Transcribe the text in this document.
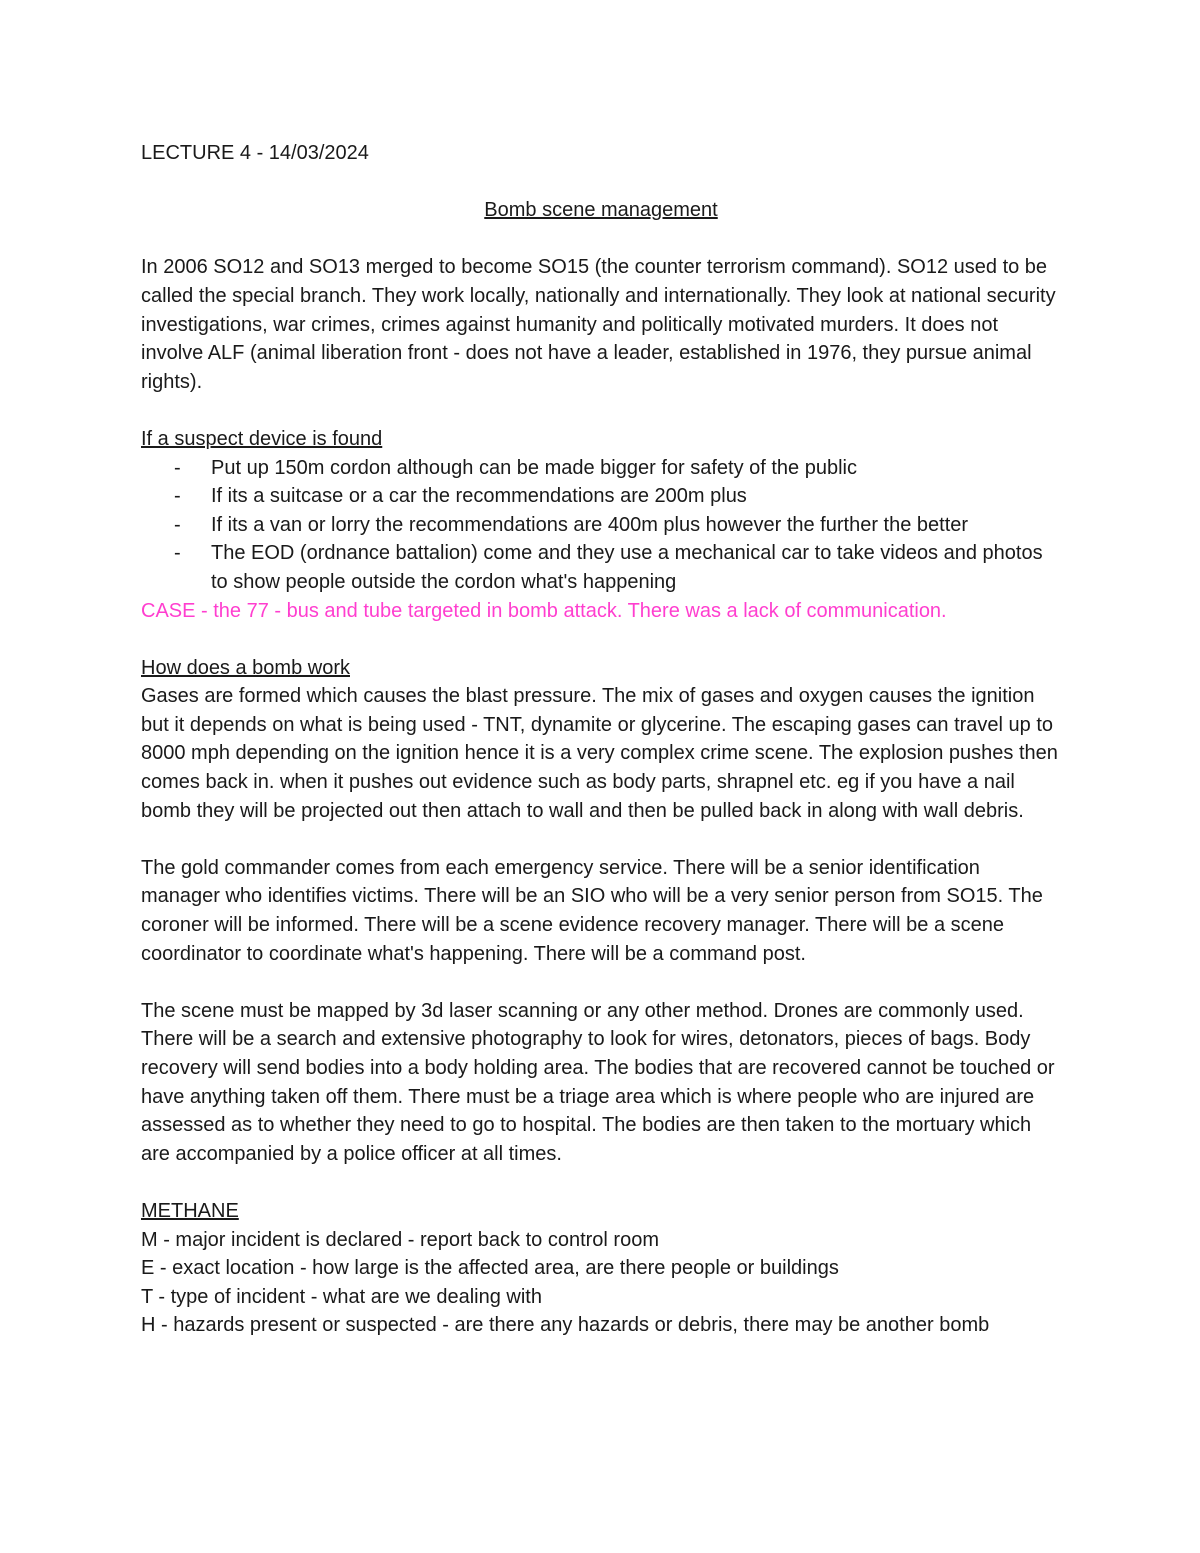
LECTURE 4 - 14/03/2024
Bomb scene management
In 2006 SO12 and SO13 merged to become SO15 (the counter terrorism command). SO12 used to be called the special branch. They work locally, nationally and internationally. They look at national security investigations, war crimes, crimes against humanity and politically motivated murders. It does not involve ALF (animal liberation front - does not have a leader, established in 1976, they pursue animal rights).
If a suspect device is found
- Put up 150m cordon although can be made bigger for safety of the public
- If its a suitcase or a car the recommendations are 200m plus
- If its a van or lorry the recommendations are 400m plus however the further the better
- The EOD (ordnance battalion) come and they use a mechanical car to take videos and photos to show people outside the cordon what's happening
CASE - the 77 - bus and tube targeted in bomb attack. There was a lack of communication.
How does a bomb work
Gases are formed which causes the blast pressure. The mix of gases and oxygen causes the ignition but it depends on what is being used - TNT, dynamite or glycerine. The escaping gases can travel up to 8000 mph depending on the ignition hence it is a very complex crime scene. The explosion pushes then comes back in. when it pushes out evidence such as body parts, shrapnel etc. eg if you have a nail bomb they will be projected out then attach to wall and then be pulled back in along with wall debris.
The gold commander comes from each emergency service. There will be a senior identification manager who identifies victims. There will be an SIO who will be a very senior person from SO15. The coroner will be informed. There will be a scene evidence recovery manager. There will be a scene coordinator to coordinate what's happening. There will be a command post.
The scene must be mapped by 3d laser scanning or any other method. Drones are commonly used. There will be a search and extensive photography to look for wires, detonators, pieces of bags. Body recovery will send bodies into a body holding area. The bodies that are recovered cannot be touched or have anything taken off them. There must be a triage area which is where people who are injured are assessed as to whether they need to go to hospital. The bodies are then taken to the mortuary which are accompanied by a police officer at all times.
METHANE
M - major incident is declared - report back to control room
E - exact location - how large is the affected area, are there people or buildings
T - type of incident - what are we dealing with
H - hazards present or suspected - are there any hazards or debris, there may be another bomb
